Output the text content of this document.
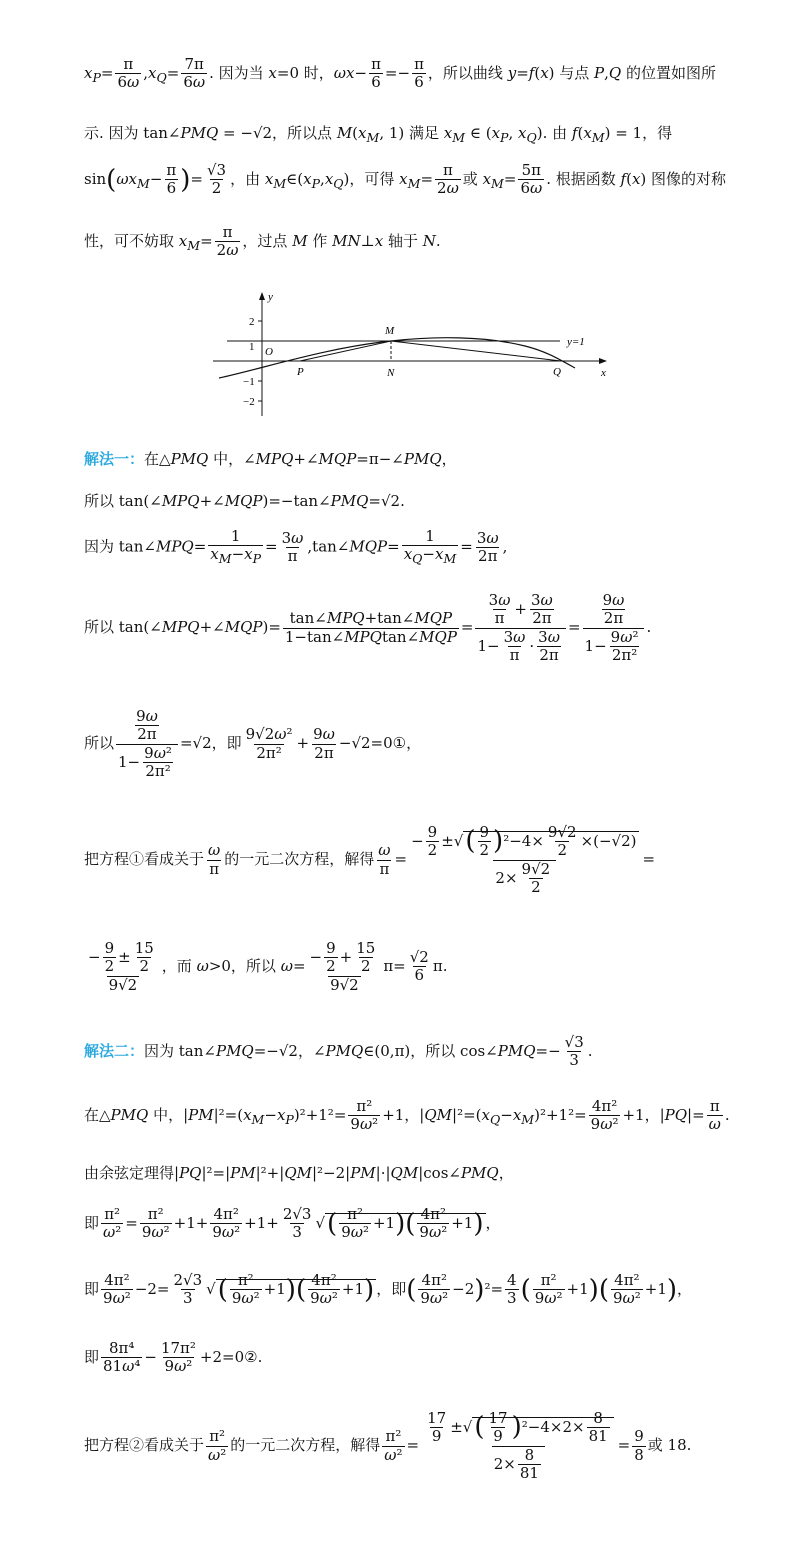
$x_P= \frac{\pi}{6\omega} ,x_Q= \frac{7\pi}{6\omega}$ . 因为当 x=0 时，$\omega x- \frac{\pi}{6} =- \frac{\pi}{6}$ ，所以曲线 y=f(x) 与点 P,Q 的位置如图所
示. 因为 tan∠PMQ = −√2，所以点 $M(x_M$, 1) 满足 $x_M$ ∈ ($x_P$, $x_Q$). 由 $f(x_M) = 1$，得
$\sin(\omega x_M- \frac{\pi}{6}$ )= $\frac{√3}{2}$ ，由 $x_M\in(x_P,x_Q)$，可得 $x_M= \frac{\pi}{2\omega}$ 或 $x_M= \frac{5\pi}{6\omega}$ . 根据函数 f(x) 图像的对称
性，可不妨取 $x_M= \frac{\pi}{2\omega}$ ，过点 M 作 MN⊥x 轴于 N.
y
x
O
2
1
−1
−2
M
P	N	Q
y=1
解法一：在△PMQ 中，∠MPQ+∠MQP=π−∠PMQ，
所以 tan(∠MPQ+∠MQP)=−tan∠PMQ=√2.
因为 tan∠MPQ= $\frac{1}{x_M-x_P} = \frac{3\omega}{\pi}$ ,tan∠MQP= $\frac{1}{x_Q-x_M} = \frac{3\omega}{2\pi}$ ,
所以 tan(∠MPQ+∠MQP)= $\frac{\text{tan∠MPQ+tan∠MQP}}{\text{1−tan∠MPQtan∠MQP}} = \frac{\frac{3\omega}{\pi} + \frac{3\omega}{2\pi}}{1- \frac{3\omega}{\pi} \cdot \frac{3\omega}{2\pi}} = \frac{\frac{9\omega}{2\pi}}{1- \frac{\text{9ω²}}{\text{2π²}}}$ .
所以 $\frac{\frac{9\omega}{2\pi}}{1- \frac{\text{9ω²}}{\text{2π²}}} =√2$，即 $\frac{\text{9√2ω²}}{\text{2π²}} + \frac{9\omega}{2\pi}$ −√2=0①，
把方程①看成关于 $\frac{\omega}{\pi}$ 的一元二次方程，解得 $\frac{\omega}{\pi} = \frac{- \frac{9}{2} \pm√( \frac{9}{2} )^2-4\times \frac{9√2}{2} \times(-√2)}{2\times \frac{9√2}{2}}$ =
$\frac{- \frac{9}{2} \pm \frac{15}{2}}{9√2}$ ，而 ω>0，所以 $\omega= \frac{- \frac{9}{2} + \frac{15}{2}}{9√2} \pi= \frac{√2}{6} \pi$.
解法二：因为 tan∠PMQ=−√2，∠PMQ∈(0,π)，所以 cos∠PMQ=− $\frac{√3}{3}$ .
在△PMQ 中，$|PM|^2=(x_M-x_P)^2+1^2= \frac{\text{π²}}{\text{9ω²}} +1$，$|QM|^2=(x_Q-x_M)^2+1^2= \frac{\text{4π²}}{\text{9ω²}} +1$，$|PQ|= \frac{\pi}{\omega}$ .
由余弦定理得|PQ|²=|PM|²+|QM|²−2|PM|·|QM|cos∠PMQ，
即 $\frac{\text{π²}}{\text{ω²}} = \frac{\text{π²}}{\text{9ω²}} +1+ \frac{\text{4π²}}{\text{9ω²}} +1+ \frac{2√3}{3}$ √( $\frac{\text{π²}}{\text{9ω²}} +1)( \frac{\text{4π²}}{\text{9ω²}} +1)$ ，
即 $\frac{\text{4π²}}{\text{9ω²}} -2= \frac{2√3}{3}$ √( $\frac{\text{π²}}{\text{9ω²}} +1)( \frac{\text{4π²}}{\text{9ω²}} +1)$ ，即( $\frac{\text{4π²}}{\text{9ω²}} -2)^2= \frac{4}{3}$ ( $\frac{\text{π²}}{\text{9ω²}} +1)( \frac{\text{4π²}}{\text{9ω²}} +1)$，
即 $\frac{\text{8π⁴}}{\text{81ω⁴}} - \frac{\text{17π²}}{\text{9ω²}}$ +2=0②.
把方程②看成关于 $\frac{\text{π²}}{\text{ω²}}$ 的一元二次方程，解得 $\frac{\text{π²}}{\text{ω²}} = \frac{\frac{17}{9} \pm√( \frac{17}{9} )^2-4\times 2\times \frac{8}{81}}{2\times \frac{8}{81}} = \frac{9}{8}$ 或 18.
